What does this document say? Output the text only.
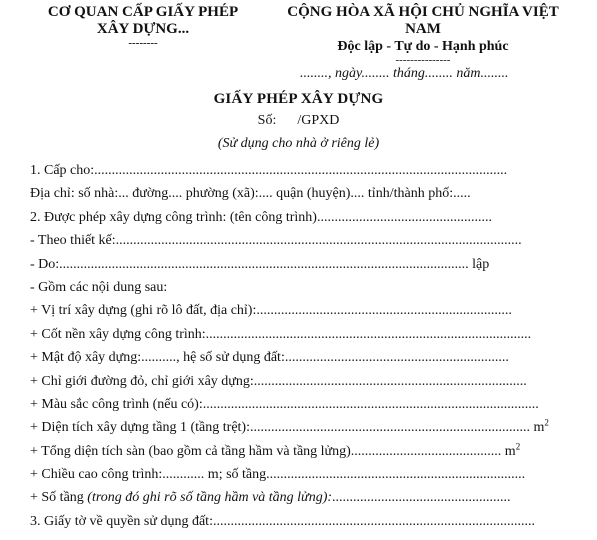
CƠ QUAN CẤP GIẤY PHÉP
XÂY DỰNG...
--------
CỘNG HÒA XÃ HỘI CHỦ NGHĨA VIỆT NAM
Độc lập - Tự do - Hạnh phúc
---------------
........, ngày........ tháng........ năm........
GIẤY PHÉP XÂY DỰNG
Số:      /GPXD
(Sử dụng cho nhà ở riêng lẻ)
1. Cấp cho:......................................................................................................................
Địa chỉ: số nhà:... đường.... phường (xã):.... quận (huyện).... tỉnh/thành phố:.....
2. Được phép xây dựng công trình: (tên công trình)..................................................
- Theo thiết kế:....................................................................................................................
- Do:..................................................................................................................... lập
- Gồm các nội dung sau:
+ Vị trí xây dựng (ghi rõ lô đất, địa chỉ):.........................................................................
+ Cốt nền xây dựng công trình:.............................................................................................
+ Mật độ xây dựng:.........., hệ số sử dụng đất:................................................................
+ Chỉ giới đường đỏ, chỉ giới xây dựng:..............................................................................
+ Màu sắc công trình (nếu có):................................................................................................
+ Diện tích xây dựng tầng 1 (tầng trệt):................................................................................ $m^2$
+ Tổng diện tích sàn (bao gồm cả tầng hầm và tầng lửng)........................................... $m^2$
+ Chiều cao công trình:............ m; số tầng..........................................................................
+ Số tầng (trong đó ghi rõ số tầng hầm và tầng lửng):...................................................
3. Giấy tờ về quyền sử dụng đất:............................................................................................
